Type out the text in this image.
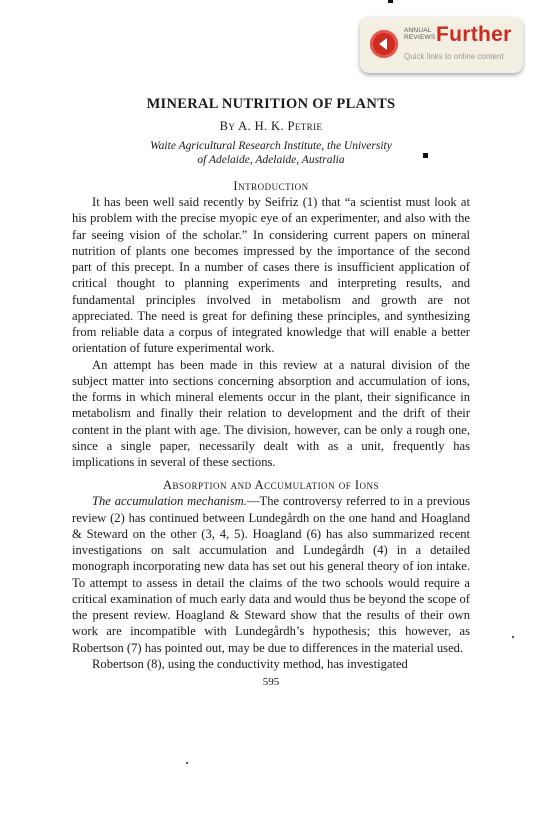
ANNUAL REVIEWS Further
Quick links to online content
MINERAL NUTRITION OF PLANTS
By A. H. K. Petrie
Waite Agricultural Research Institute, the University
of Adelaide, Adelaide, Australia
Introduction

It has been well said recently by Seifriz (1) that “a scientist must look at his problem with the precise myopic eye of an experimenter, and also with the far seeing vision of the scholar.” In considering current papers on mineral nutrition of plants one becomes impressed by the importance of the second part of this precept. In a number of cases there is insufficient application of critical thought to planning experiments and interpreting results, and fundamental principles involved in metabolism and growth are not appreciated. The need is great for defining these principles, and synthesizing from reliable data a corpus of integrated knowledge that will enable a better orientation of future experimental work.

An attempt has been made in this review at a natural division of the subject matter into sections concerning absorption and accumulation of ions, the forms in which mineral elements occur in the plant, their significance in metabolism and finally their relation to development and the drift of their content in the plant with age. The division, however, can be only a rough one, since a single paper, necessarily dealt with as a unit, frequently has implications in several of these sections.

Absorption and Accumulation of Ions

The accumulation mechanism.—The controversy referred to in a previous review (2) has continued between Lundegårdh on the one hand and Hoagland & Steward on the other (3, 4, 5). Hoagland (6) has also summarized recent investigations on salt accumulation and Lundegårdh (4) in a detailed monograph incorporating new data has set out his general theory of ion intake. To attempt to assess in detail the claims of the two schools would require a critical examination of much early data and would thus be beyond the scope of the present review. Hoagland & Steward show that the results of their own work are incompatible with Lundegårdh’s hypothesis; this however, as Robertson (7) has pointed out, may be due to differences in the material used.

Robertson (8), using the conductivity method, has investigated

595
